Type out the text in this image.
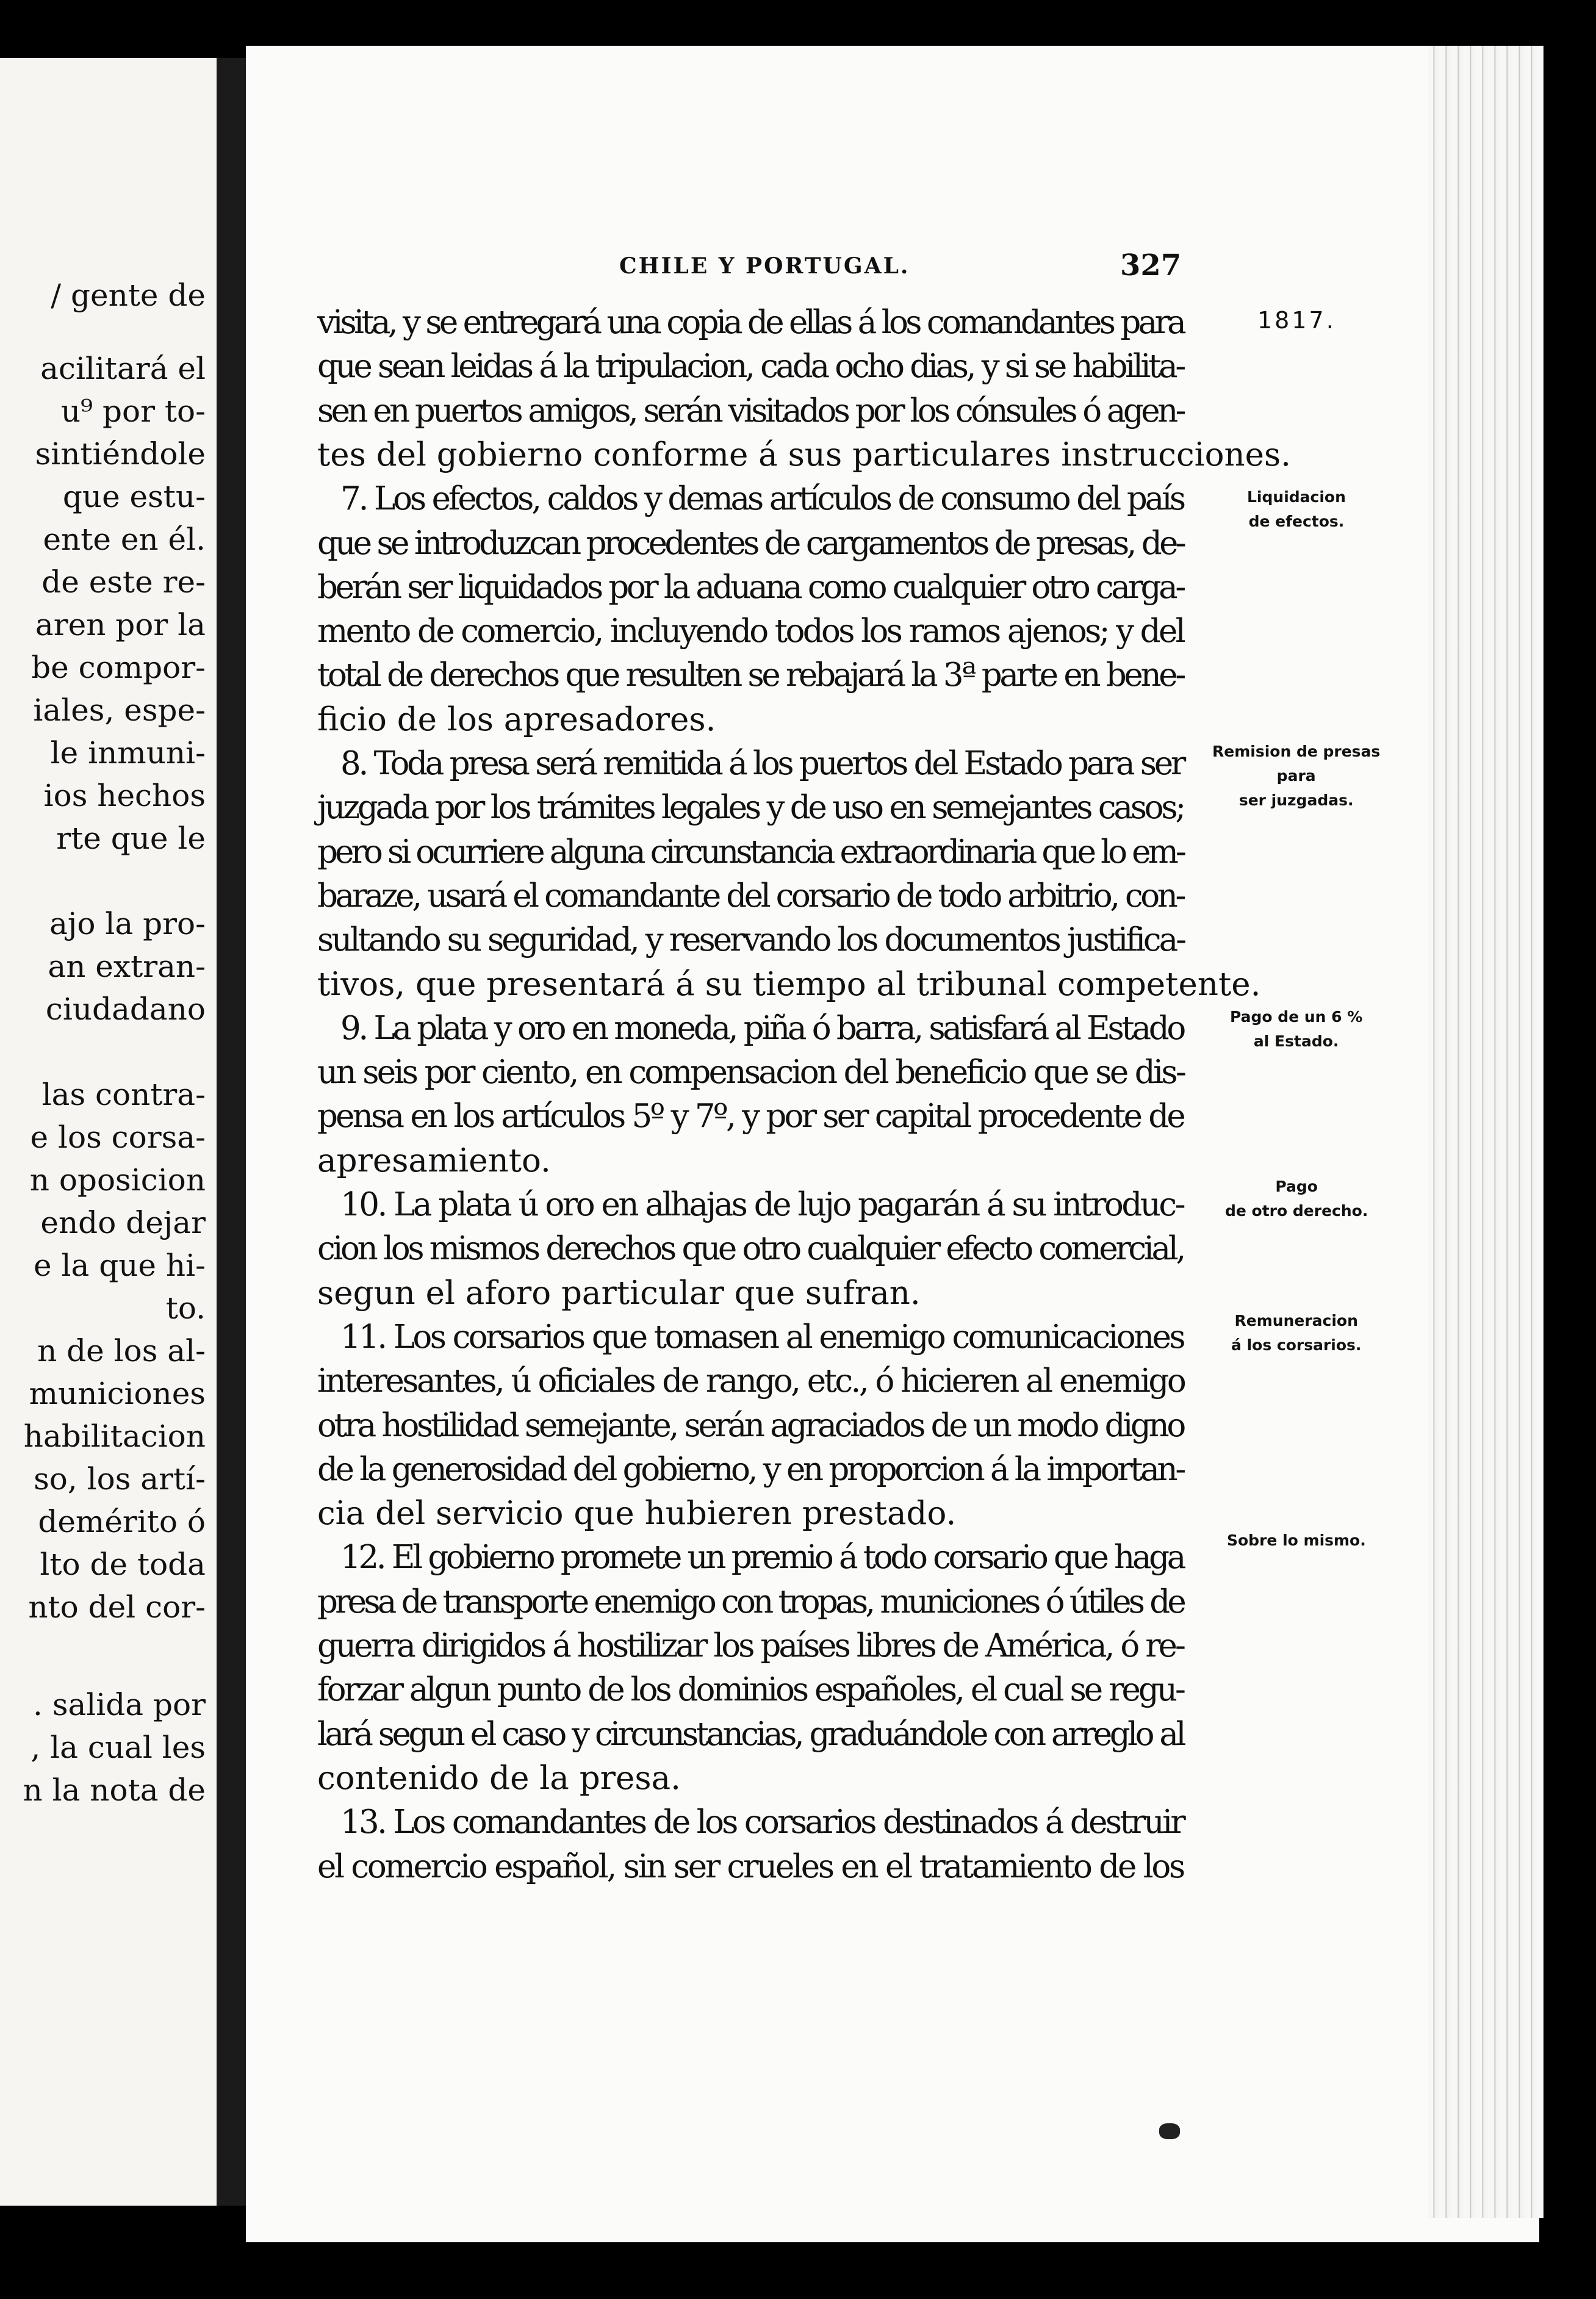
/ gente de
acilitará el
u⁹ por to-
sintiéndole
que estu-
ente en él.
de este re-
aren por la
be compor-
iales, espe-
le inmuni-
ios hechos
rte que le
ajo la pro-
an extran-
ciudadano
las contra-
e los corsa-
n oposicion
endo dejar
e la que hi-
to.
n de los al-
municiones
habilitacion
so, los artí-
demérito ó
lto de toda
nto del cor-
. salida por
, la cual les
n la nota de
CHILE Y PORTUGAL.	327
visita, y se entregará una copia de ellas á los comandantes para
que sean leidas á la tripulacion, cada ocho dias, y si se habilita-
sen en puertos amigos, serán visitados por los cónsules ó agen-
tes del gobierno conforme á sus particulares instrucciones.
7. Los efectos, caldos y demas artículos de consumo del país
que se introduzcan procedentes de cargamentos de presas, de-
berán ser liquidados por la aduana como cualquier otro carga-
mento de comercio, incluyendo todos los ramos ajenos; y del
total de derechos que resulten se rebajará la 3ª parte en bene-
ficio de los apresadores.
8. Toda presa será remitida á los puertos del Estado para ser
juzgada por los trámites legales y de uso en semejantes casos;
pero si ocurriere alguna circunstancia extraordinaria que lo em-
baraze, usará el comandante del corsario de todo arbitrio, con-
sultando su seguridad, y reservando los documentos justifica-
tivos, que presentará á su tiempo al tribunal competente.
9. La plata y oro en moneda, piña ó barra, satisfará al Estado
un seis por ciento, en compensacion del beneficio que se dis-
pensa en los artículos 5º y 7º, y por ser capital procedente de
apresamiento.
10. La plata ú oro en alhajas de lujo pagarán á su introduc-
cion los mismos derechos que otro cualquier efecto comercial,
segun el aforo particular que sufran.
11. Los corsarios que tomasen al enemigo comunicaciones
interesantes, ú oficiales de rango, etc., ó hicieren al enemigo
otra hostilidad semejante, serán agraciados de un modo digno
de la generosidad del gobierno, y en proporcion á la importan-
cia del servicio que hubieren prestado.
12. El gobierno promete un premio á todo corsario que haga
presa de transporte enemigo con tropas, municiones ó útiles de
guerra dirigidos á hostilizar los países libres de América, ó re-
forzar algun punto de los dominios españoles, el cual se regu-
lará segun el caso y circunstancias, graduándole con arreglo al
contenido de la presa.
13. Los comandantes de los corsarios destinados á destruir
el comercio español, sin ser crueles en el tratamiento de los
1817.
Liquidacion
de efectos.
Remision de presas
para
ser juzgadas.
Pago de un 6 %
al Estado.
Pago
de otro derecho.
Remuneracion
á los corsarios.
Sobre lo mismo.
